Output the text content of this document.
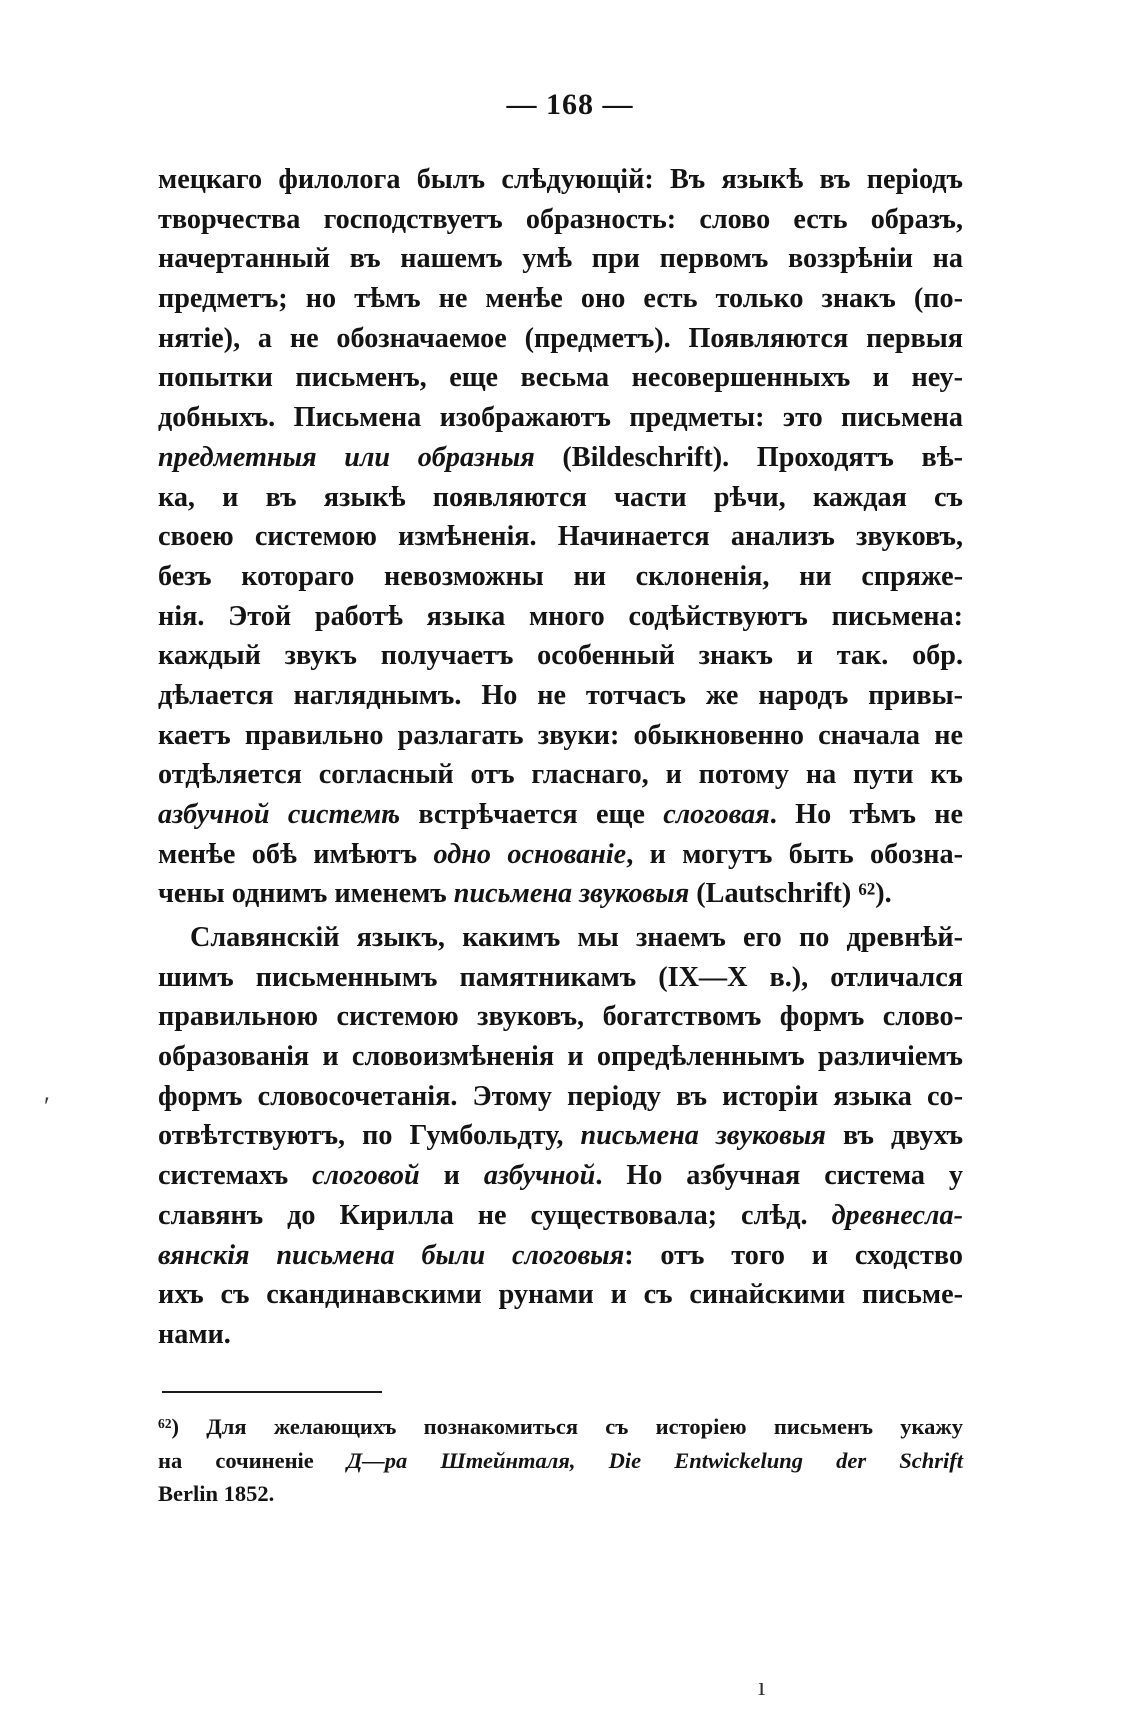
— 168 —
мецкаго филолога былъ слѣдующій: Въ языкѣ въ періодъ
творчества господствуетъ образность: слово есть образъ,
начертанный въ нашемъ умѣ при первомъ воззрѣніи на
предметъ; но тѣмъ не менѣе оно есть только знакъ (по-
нятіе), а не обозначаемое (предметъ). Появляются первыя
попытки письменъ, еще весьма несовершенныхъ и неу-
добныхъ. Письмена изображаютъ предметы: это письмена
предметныя или образныя (Bildeschrift). Проходятъ вѣ-
ка, и въ языкѣ появляются части рѣчи, каждая съ
своею системою измѣненія. Начинается анализъ звуковъ,
безъ котораго невозможны ни склоненія, ни спряже-
нія. Этой работѣ языка много содѣйствуютъ письмена:
каждый звукъ получаетъ особенный знакъ и так. обр.
дѣлается нагляднымъ. Но не тотчасъ же народъ привы-
каетъ правильно разлагать звуки: обыкновенно сначала не
отдѣляется согласный отъ гласнаго, и потому на пути къ
азбучной системѣ встрѣчается еще слоговая. Но тѣмъ не
менѣе обѣ имѣютъ одно основаніе, и могутъ быть обозна-
чены однимъ именемъ письмена звуковыя (Lautschrift) ⁶²).
Славянскій языкъ, какимъ мы знаемъ его по древнѣй-
шимъ письменнымъ памятникамъ (IX—X в.), отличался
правильною системою звуковъ, богатствомъ формъ слово-
образованія и словоизмѣненія и опредѣленнымъ различіемъ
формъ словосочетанія. Этому періоду въ исторіи языка со-
отвѣтствуютъ, по Гумбольдту, письмена звуковыя въ двухъ
системахъ слоговой и азбучной. Но азбучная система у
славянъ до Кирилла не существовала; слѣд. древнесла-
вянскія письмена были слоговыя: отъ того и сходство
ихъ съ скандинавскими рунами и съ синайскими письме-
нами.
⁶²) Для желающихъ познакомиться съ исторіею письменъ укажу
на сочиненіе Д—ра Штейнталя, Die Entwickelung der Schrift
Berlin 1852.
′
ı
